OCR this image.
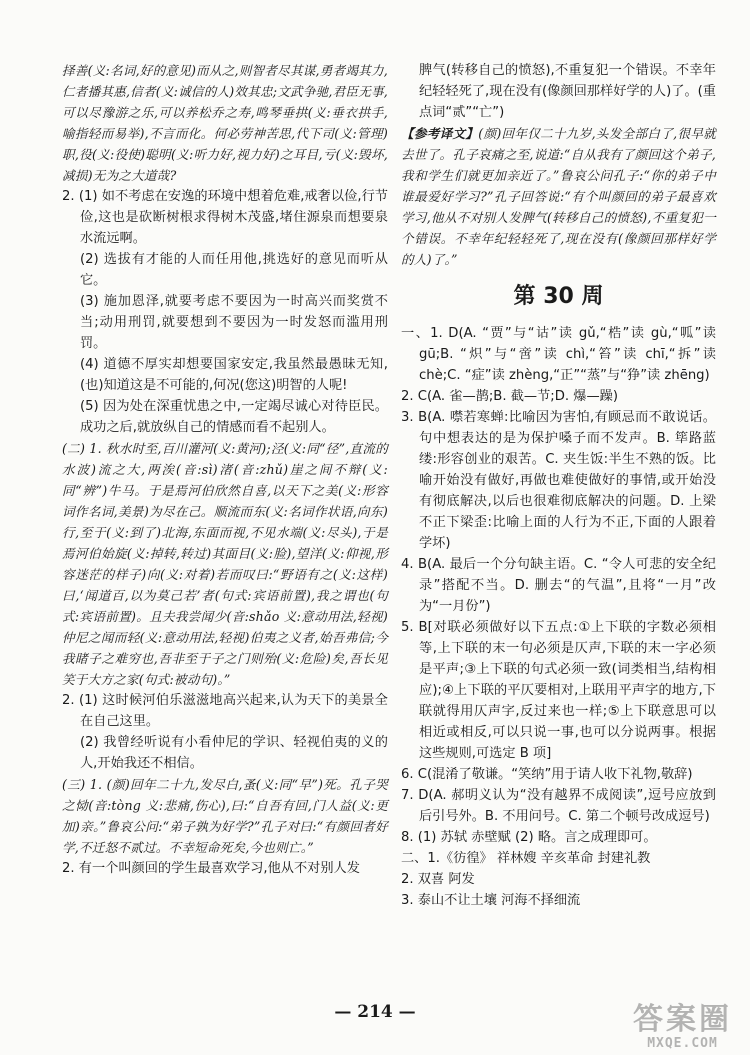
择善(义:名词,好的意见)而从之,则智者尽其谋,勇者竭其力,仁者播其惠,信者(义:诚信的人)效其忠;文武争驰,君臣无事,可以尽豫游之乐,可以养松乔之寿,鸣琴垂拱(义:垂衣拱手,喻指轻而易举),不言而化。何必劳神苦思,代下司(义:管理)职,役(义:役使)聪明(义:听力好,视力好)之耳目,亏(义:毁坏,减损)无为之大道哉?
2. (1) 如不考虑在安逸的环境中想着危难,戒奢以俭,行节俭,这也是砍断树根求得树木茂盛,堵住源泉而想要泉水流远啊。
(2) 选拔有才能的人而任用他,挑选好的意见而听从它。
(3) 施加恩泽,就要考虑不要因为一时高兴而奖赏不当;动用刑罚,就要想到不要因为一时发怒而滥用刑罚。
(4) 道德不厚实却想要国家安定,我虽然最愚昧无知,(也)知道这是不可能的,何况(您这)明智的人呢!
(5) 因为处在深重忧患之中,一定竭尽诚心对待臣民。成功之后,就放纵自己的情感而看不起别人。
(二) 1. 秋水时至,百川灌河(义:黄河);泾(义:同“径”,直流的水波)流之大,两涘(音:sì)渚(音:zhǔ)崖之间不辩(义:同“辨”)牛马。于是焉河伯欣然自喜,以天下之美(义:形容词作名词,美景)为尽在己。顺流而东(义:名词作状语,向东)行,至于(义:到了)北海,东面而视,不见水端(义:尽头),于是焉河伯始旋(义:掉转,转过)其面目(义:脸),望洋(义:仰视,形容迷茫的样子)向(义:对着)若而叹曰:“野语有之(义:这样)曰,‘闻道百,以为莫己若’者(句式:宾语前置),我之谓也(句式:宾语前置)。且夫我尝闻少(音:shǎo 义:意动用法,轻视)仲尼之闻而轻(义:意动用法,轻视)伯夷之义者,始吾弗信;今我睹子之难穷也,吾非至于子之门则殆(义:危险)矣,吾长见笑于大方之家(句式:被动句)。”
2. (1) 这时候河伯乐滋滋地高兴起来,认为天下的美景全在自己这里。
(2) 我曾经听说有小看仲尼的学识、轻视伯夷的义的人,开始我还不相信。
(三) 1. (颜)回年二十九,发尽白,蚤(义:同“早”)死。孔子哭之恸(音:tòng 义:悲痛,伤心),曰:“自吾有回,门人益(义:更加)亲。”鲁哀公问:“弟子孰为好学?”孔子对曰:“有颜回者好学,不迁怒不贰过。不幸短命死矣,今也则亡。”
2. 有一个叫颜回的学生最喜欢学习,他从不对别人发
脾气(转移自己的愤怒),不重复犯一个错误。不幸年纪轻轻死了,现在没有(像颜回那样好学的人)了。(重点词“贰”“亡”)
【参考译文】(颜)回年仅二十九岁,头发全部白了,很早就去世了。孔子哀痛之至,说道:“自从我有了颜回这个弟子,我和学生们就更加亲近了。”鲁哀公问孔子:“你的弟子中谁最爱好学习?”孔子回答说:“有个叫颜回的弟子最喜欢学习,他从不对别人发脾气(转移自己的愤怒),不重复犯一个错误。不幸年纪轻轻死了,现在没有(像颜回那样好学的人)了。”
第 30 周
一、1. D(A. “贾”与“诂”读 gǔ,“梏”读 gù,“呱”读 gū;B. “炽”与“啻”读 chì,“笞”读 chī,“拆”读 chè;C. “症”读 zhèng,“正”“蒸”与“狰”读 zhēng)
2. C(A. 雀—鹊;B. 截—节;D. 爆—躁)
3. B(A. 噤若寒蝉:比喻因为害怕,有顾忌而不敢说话。句中想表达的是为保护嗓子而不发声。B. 筚路蓝缕:形容创业的艰苦。C. 夹生饭:半生不熟的饭。比喻开始没有做好,再做也难使做好的事情,或开始没有彻底解决,以后也很难彻底解决的问题。D. 上梁不正下梁歪:比喻上面的人行为不正,下面的人跟着学坏)
4. B(A. 最后一个分句缺主语。C. “令人可悲的安全纪录”搭配不当。D. 删去“的气温”,且将“一月”改为“一月份”)
5. B[对联必须做好以下五点:①上下联的字数必须相等,上下联的末一句必须是仄声,下联的末一字必须是平声;③上下联的句式必须一致(词类相当,结构相应);④上下联的平仄要相对,上联用平声字的地方,下联就得用仄声字,反过来也一样;⑤上下联意思可以相近或相反,可以只说一事,也可以分说两事。根据这些规则,可选定 B 项]
6. C(混淆了敬谦。“笑纳”用于请人收下礼物,敬辞)
7. D(A. 郝明义认为“没有越界不成阅读”,逗号应放到后引号外。B. 不用问号。C. 第二个顿号改成逗号)
8. (1) 苏轼 赤壁赋 (2) 略。言之成理即可。
二、1.《彷徨》 祥林嫂 辛亥革命 封建礼教
2. 双喜 阿发
3. 泰山不让土壤 河海不择细流
— 214 —	答案圈
MXQE.COM
